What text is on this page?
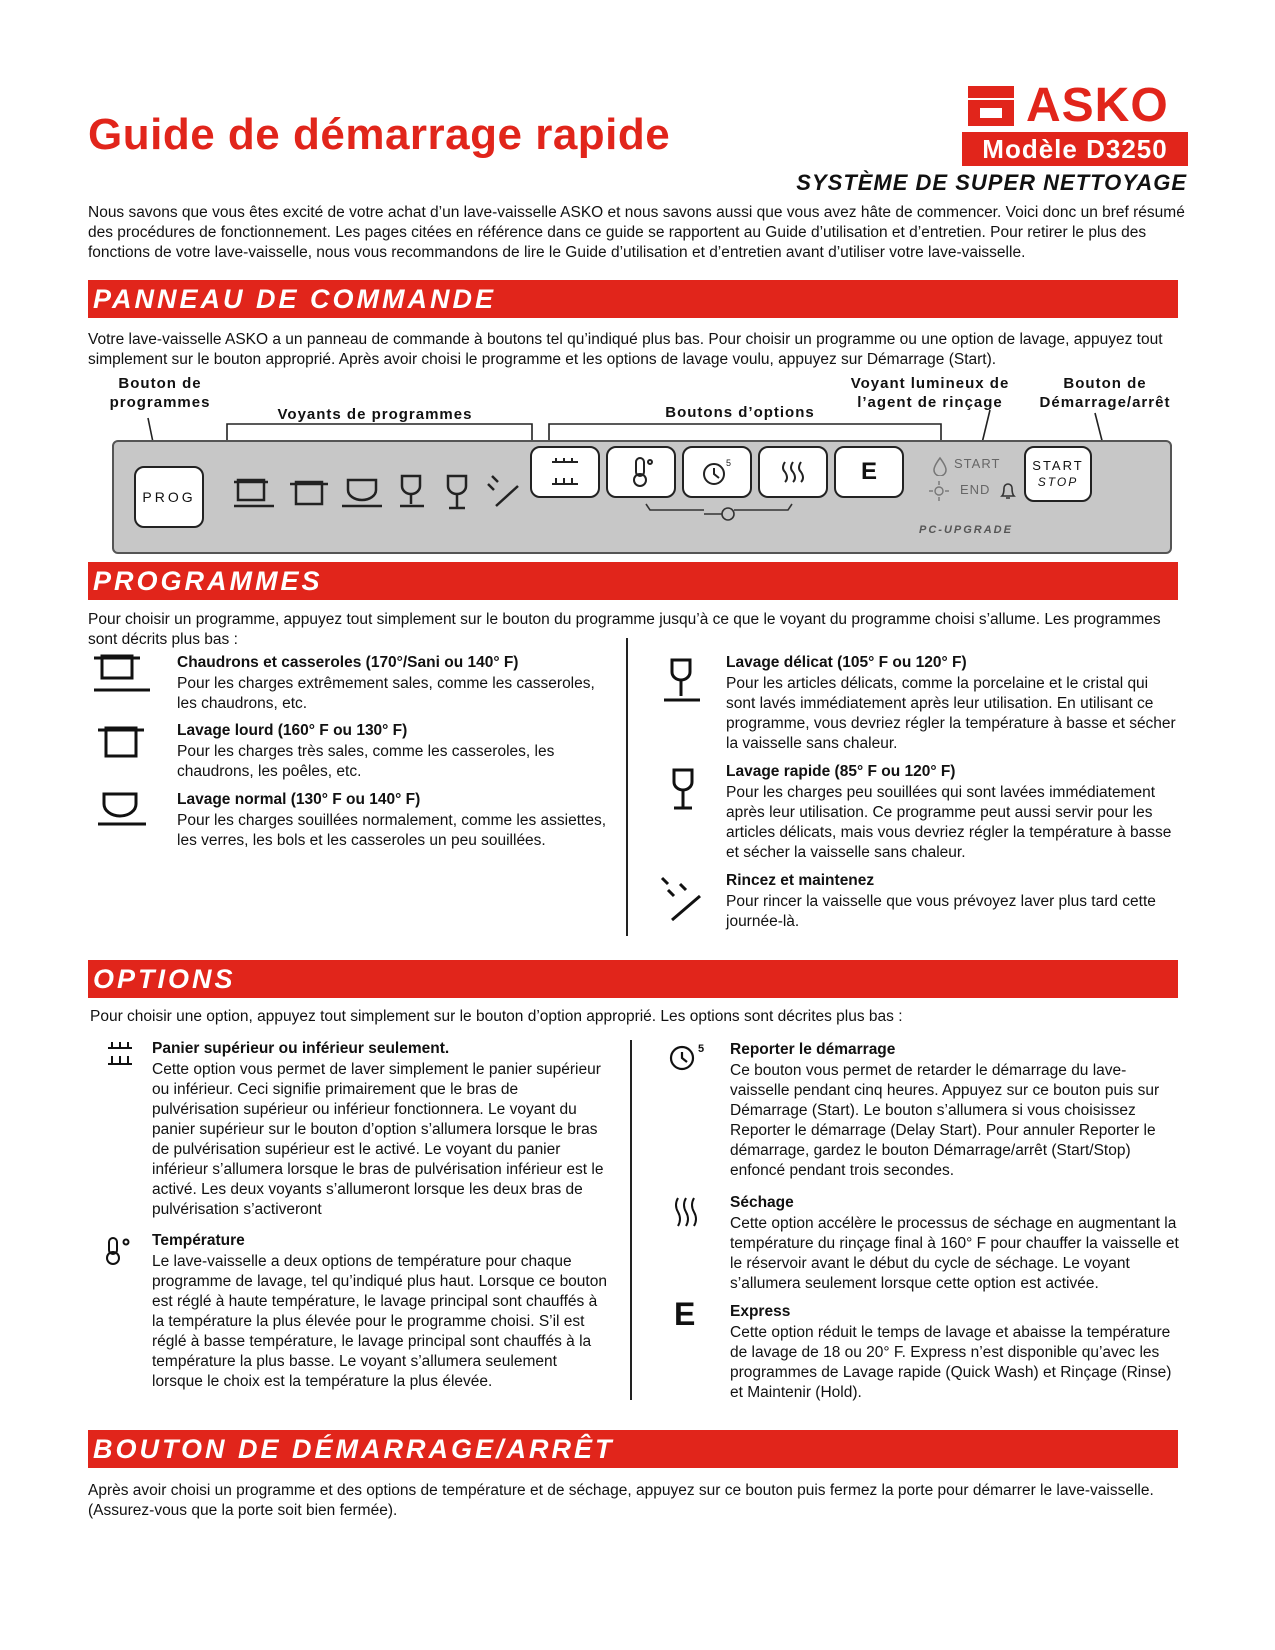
Guide de démarrage rapide
ASKO
Modèle D3250
SYSTÈME DE SUPER NETTOYAGE
Nous savons que vous êtes excité de votre achat d’un lave-vaisselle ASKO et nous savons aussi que vous avez hâte de commencer. Voici donc un bref résumé des procédures de fonctionnement. Les pages citées en référence dans ce guide se rapportent au Guide d’utilisation et d’entretien. Pour retirer le plus des fonctions de votre lave-vaisselle, nous vous recommandons de lire le Guide d’utilisation et d’entretien avant d’utiliser votre lave-vaisselle.
PANNEAU DE COMMANDE
Votre lave-vaisselle ASKO a un panneau de commande à boutons tel qu’indiqué plus bas. Pour choisir un programme ou une option de lavage, appuyez tout simplement sur le bouton approprié. Après avoir choisi le programme et les options de lavage voulu, appuyez sur Démarrage (Start).
Bouton de programmes
Voyants de programmes	Boutons d’options
Voyant lumineux de l’agent de rinçage
Bouton de Démarrage/arrêt
PROG
5	E	START
END
START
STOP
PC-UPGRADE
PROGRAMMES
Pour choisir un programme, appuyez tout simplement sur le bouton du programme jusqu’à ce que le voyant du programme choisi s’allume. Les programmes sont décrits plus bas :
Chaudrons et casseroles (170°/Sani ou 140° F)
Pour les charges extrêmement sales, comme les casseroles, les chaudrons, etc.
Lavage lourd (160° F ou 130° F)
Pour les charges très sales, comme les casseroles, les chaudrons, les poêles, etc.
Lavage normal (130° F ou 140° F)
Pour les charges souillées normalement, comme les assiettes, les verres, les bols et les casseroles un peu souillées.
Lavage délicat (105° F ou 120° F)
Pour les articles délicats, comme la porcelaine et le cristal qui sont lavés immédiatement après leur utilisation. En utilisant ce programme, vous devriez régler la température à basse et sécher la vaisselle sans chaleur.
Lavage rapide (85° F ou 120° F)
Pour les charges peu souillées qui sont lavées immédiatement après leur utilisation. Ce programme peut aussi servir pour les articles délicats, mais vous devriez régler la température à basse et sécher la vaisselle sans chaleur.
Rincez et maintenez
Pour rincer la vaisselle que vous prévoyez laver plus tard cette journée-là.
OPTIONS
Pour choisir une option, appuyez tout simplement sur le bouton d’option approprié. Les options sont décrites plus bas :
Panier supérieur ou inférieur seulement.
Cette option vous permet de laver simplement le panier supérieur ou inférieur. Ceci signifie primairement que le bras de pulvérisation supérieur ou inférieur fonctionnera. Le voyant du panier supérieur sur le bouton d’option s’allumera lorsque le bras de pulvérisation supérieur est le activé. Le voyant du panier inférieur s’allumera lorsque le bras de pulvérisation inférieur est le activé. Les deux voyants s’allumeront lorsque les deux bras de pulvérisation s’activeront
Température
Le lave-vaisselle a deux options de température pour chaque programme de lavage, tel qu’indiqué plus haut. Lorsque ce bouton est réglé à haute température, le lavage principal sont chauffés à la température la plus élevée pour le programme choisi. S’il est réglé à basse température, le lavage principal sont chauffés à la température la plus basse. Le voyant s’allumera seulement lorsque le choix est la température la plus élevée.
5 Reporter le démarrage
Ce bouton vous permet de retarder le démarrage du lave-vaisselle pendant cinq heures. Appuyez sur ce bouton puis sur Démarrage (Start). Le bouton s’allumera si vous choisissez Reporter le démarrage (Delay Start). Pour annuler Reporter le démarrage, gardez le bouton Démarrage/arrêt (Start/Stop) enfoncé pendant trois secondes.
Séchage
Cette option accélère le processus de séchage en augmentant la température du rinçage final à 160° F pour chauffer la vaisselle et le réservoir avant le début du cycle de séchage. Le voyant s’allumera seulement lorsque cette option est activée.
E Express
Cette option réduit le temps de lavage et abaisse la température de lavage de 18 ou 20° F. Express n’est disponible qu’avec les programmes de Lavage rapide (Quick Wash) et Rinçage (Rinse) et Maintenir (Hold).
BOUTON DE DÉMARRAGE/ARRÊT
Après avoir choisi un programme et des options de température et de séchage, appuyez sur ce bouton puis fermez la porte pour démarrer le lave-vaisselle. (Assurez-vous que la porte soit bien fermée).
